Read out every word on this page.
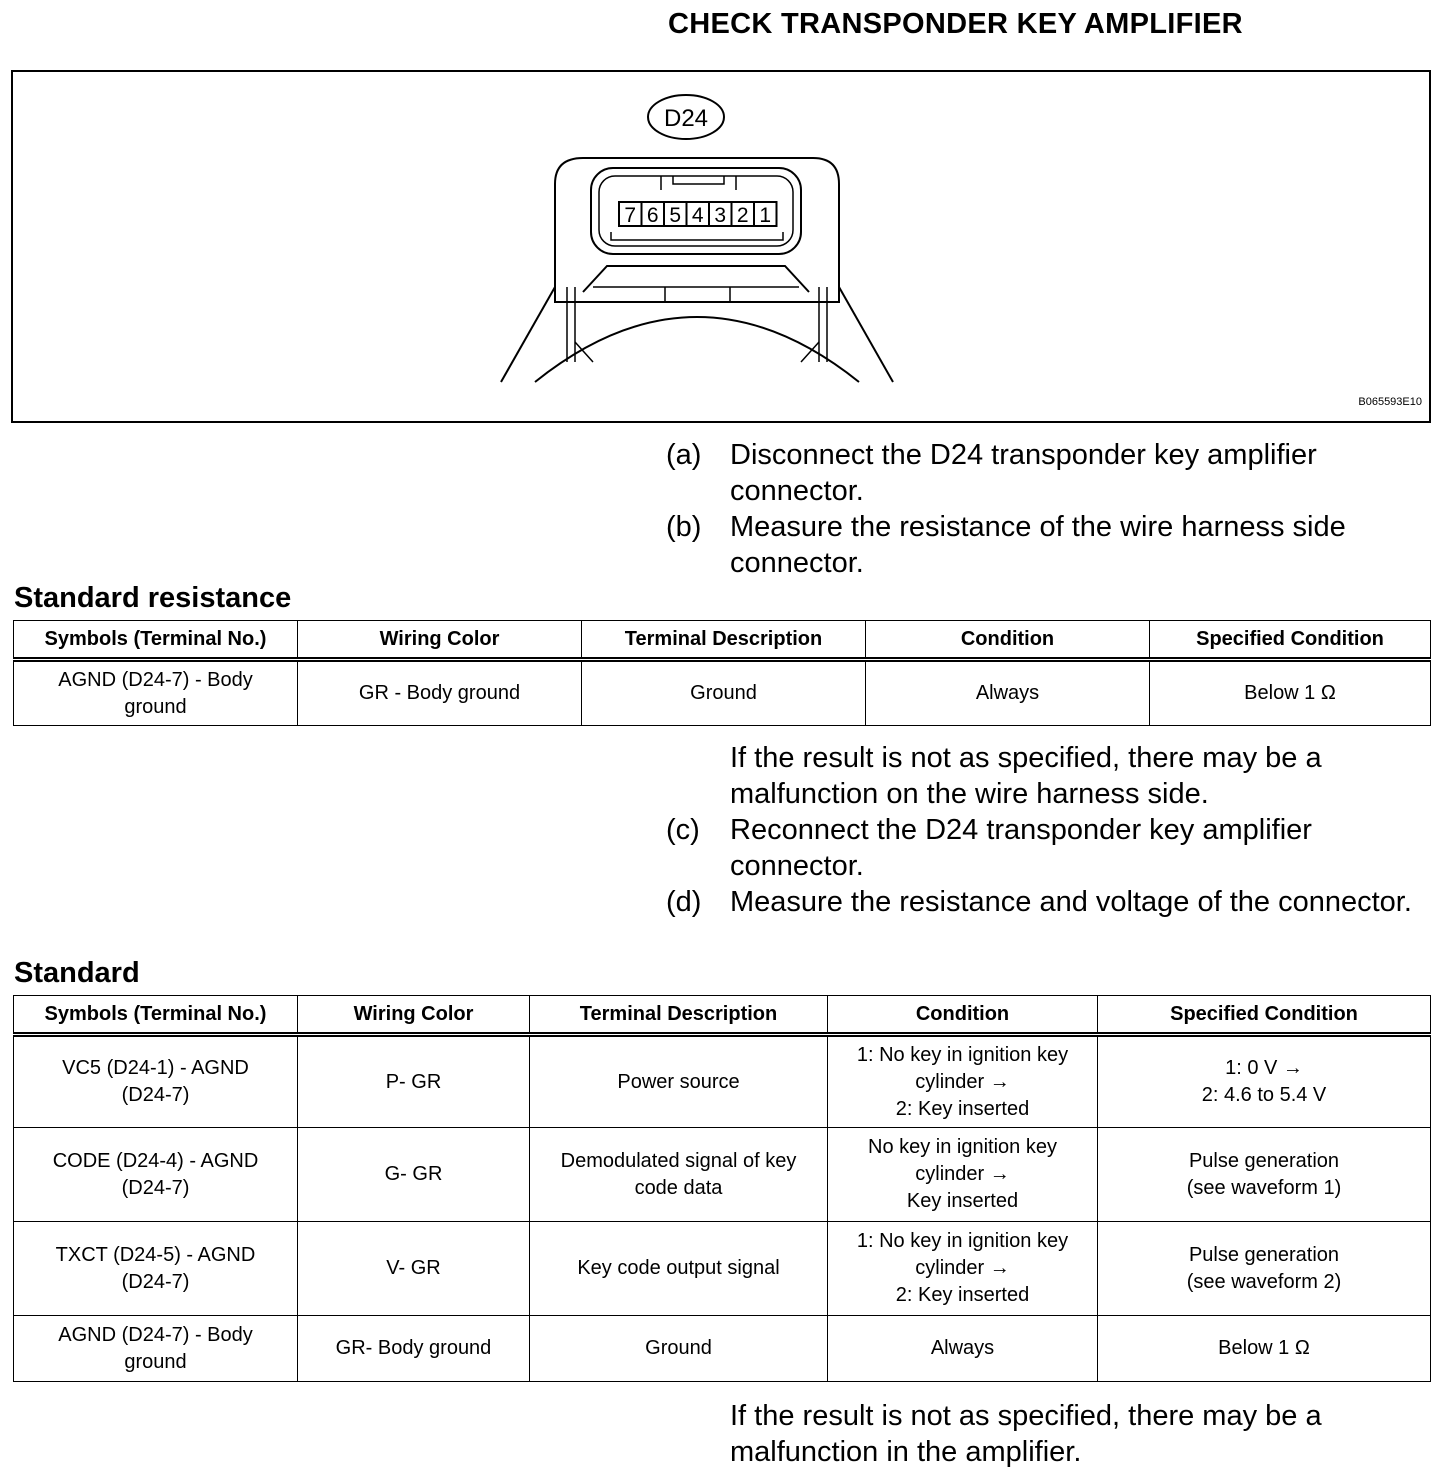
CHECK TRANSPONDER KEY AMPLIFIER
D24
7 6 5 4 3 2 1
B065593E10
(a) Disconnect the D24 transponder key amplifier connector.
(b) Measure the resistance of the wire harness side connector.
Standard resistance
Symbols (Terminal No.)	Wiring Color	Terminal Description	Condition	Specified Condition
AGND (D24-7) - Body
ground	GR - Body ground	Ground	Always	Below 1 Ω
If the result is not as specified, there may be a malfunction on the wire harness side.
(c) Reconnect the D24 transponder key amplifier connector.
(d) Measure the resistance and voltage of the connector.
Standard
Symbols (Terminal No.)	Wiring Color	Terminal Description	Condition	Specified Condition
VC5 (D24-1) - AGND
(D24-7)	P- GR	Power source	1: No key in ignition key
cylinder →
2: Key inserted	1: 0 V →
2: 4.6 to 5.4 V
CODE (D24-4) - AGND
(D24-7)	G- GR	Demodulated signal of key
code data	No key in ignition key
cylinder →
Key inserted	Pulse generation
(see waveform 1)
TXCT (D24-5) - AGND
(D24-7)	V- GR	Key code output signal	1: No key in ignition key
cylinder →
2: Key inserted	Pulse generation
(see waveform 2)
AGND (D24-7) - Body
ground	GR- Body ground	Ground	Always	Below 1 Ω
If the result is not as specified, there may be a malfunction in the amplifier.
